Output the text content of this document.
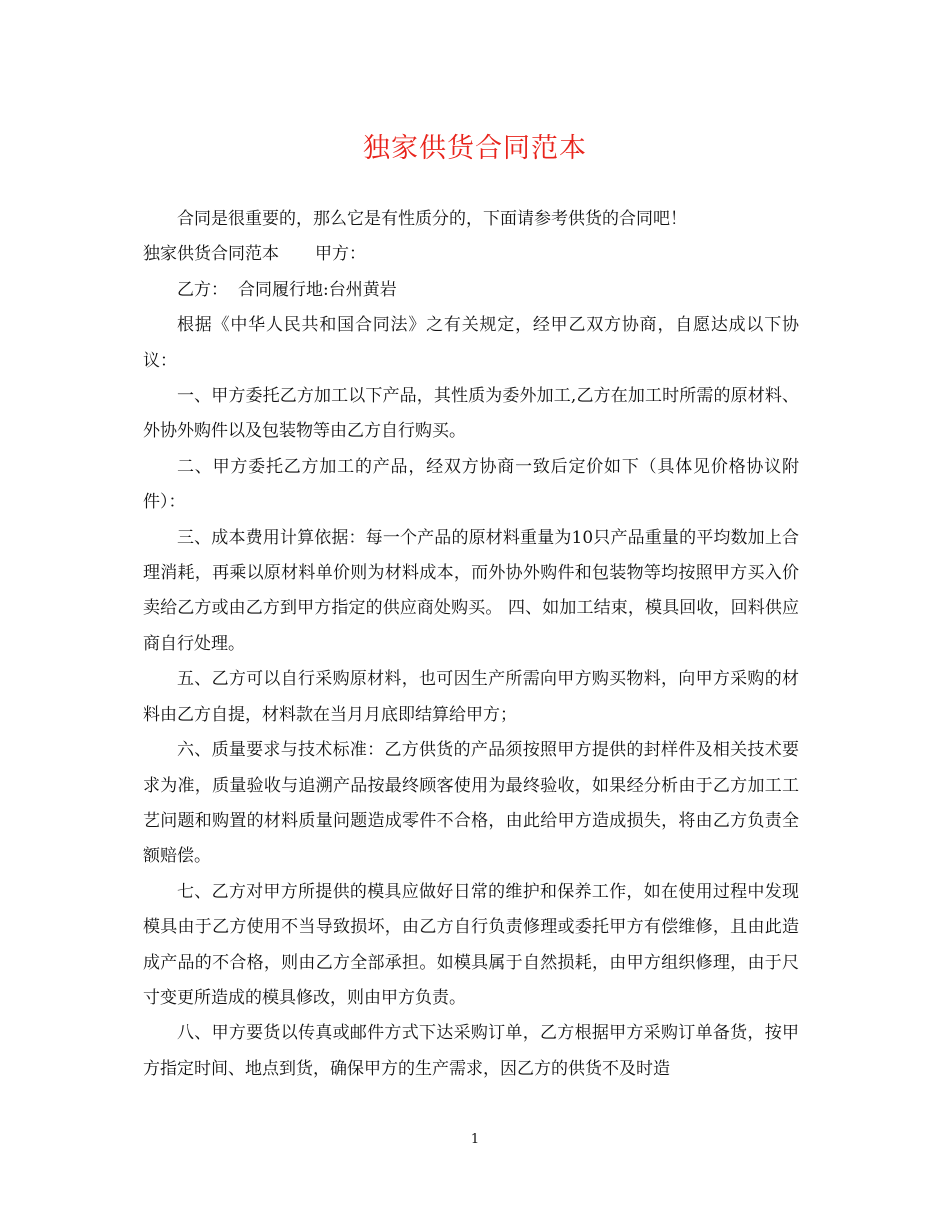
独家供货合同范本

合同是很重要的，那么它是有性质分的，下面请参考供货的合同吧！

独家供货合同范本 甲方：

乙方： 合同履行地:台州黄岩

根据《中华人民共和国合同法》之有关规定，经甲乙双方协商，自愿达成以下协议：

一、甲方委托乙方加工以下产品，其性质为委外加工,乙方在加工时所需的原材料、外协外购件以及包装物等由乙方自行购买。

二、甲方委托乙方加工的产品，经双方协商一致后定价如下（具体见价格协议附件）：

三、成本费用计算依据：每一个产品的原材料重量为10只产品重量的平均数加上合理消耗，再乘以原材料单价则为材料成本，而外协外购件和包装物等均按照甲方买入价卖给乙方或由乙方到甲方指定的供应商处购买。 四、如加工结束，模具回收，回料供应商自行处理。

五、乙方可以自行采购原材料，也可因生产所需向甲方购买物料，向甲方采购的材料由乙方自提，材料款在当月月底即结算给甲方；

六、质量要求与技术标准：乙方供货的产品须按照甲方提供的封样件及相关技术要求为准，质量验收与追溯产品按最终顾客使用为最终验收，如果经分析由于乙方加工工艺问题和购置的材料质量问题造成零件不合格，由此给甲方造成损失，将由乙方负责全额赔偿。

七、乙方对甲方所提供的模具应做好日常的维护和保养工作，如在使用过程中发现模具由于乙方使用不当导致损坏，由乙方自行负责修理或委托甲方有偿维修，且由此造成产品的不合格，则由乙方全部承担。如模具属于自然损耗，由甲方组织修理，由于尺寸变更所造成的模具修改，则由甲方负责。

八、甲方要货以传真或邮件方式下达采购订单，乙方根据甲方采购订单备货，按甲方指定时间、地点到货，确保甲方的生产需求，因乙方的供货不及时造

1
